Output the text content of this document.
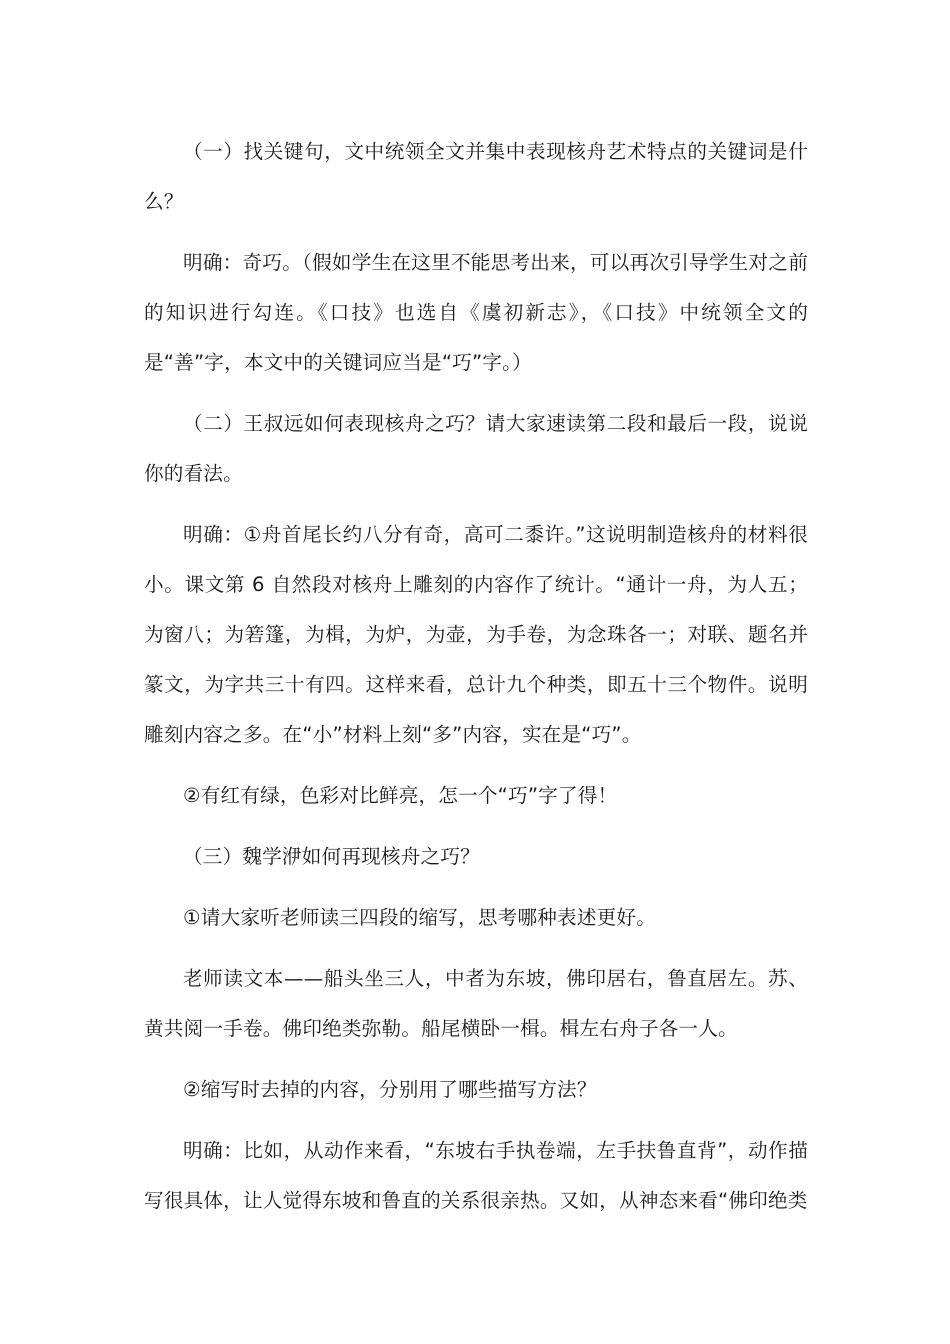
（一）找关键句，文中统领全文并集中表现核舟艺术特点的关键词是什么？

明确：奇巧。（假如学生在这里不能思考出来，可以再次引导学生对之前的知识进行勾连。《口技》也选自《虞初新志》，《口技》中统领全文的是“善”字，本文中的关键词应当是“巧”字。）

（二）王叔远如何表现核舟之巧？请大家速读第二段和最后一段，说说你的看法。

明确：①舟首尾长约八分有奇，高可二黍许。”这说明制造核舟的材料很小。课文第 6 自然段对核舟上雕刻的内容作了统计。“通计一舟，为人五；为窗八；为箬篷，为楫，为炉，为壶，为手卷，为念珠各一；对联、题名并篆文，为字共三十有四。这样来看，总计九个种类，即五十三个物件。说明雕刻内容之多。在“小”材料上刻“多”内容，实在是“巧”。

②有红有绿，色彩对比鲜亮，怎一个“巧”字了得！

（三）魏学洢如何再现核舟之巧？

①请大家听老师读三四段的缩写，思考哪种表述更好。

老师读文本——船头坐三人，中者为东坡，佛印居右，鲁直居左。苏、黄共阅一手卷。佛印绝类弥勒。船尾横卧一楫。楫左右舟子各一人。

②缩写时去掉的内容，分别用了哪些描写方法？

明确：比如，从动作来看，“东坡右手执卷端，左手扶鲁直背”，动作描写很具体，让人觉得东坡和鲁直的关系很亲热。又如，从神态来看“佛印绝类
